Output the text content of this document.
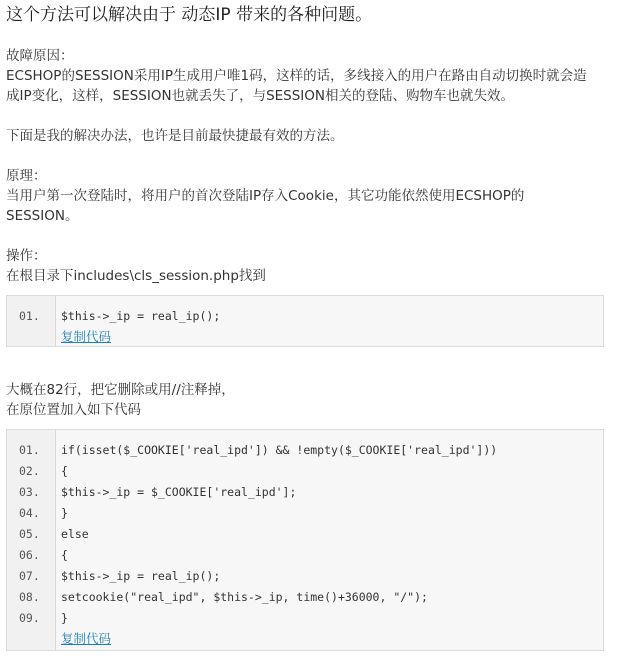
这个方法可以解决由于 动态IP 带来的各种问题。
故障原因：
ECSHOP的SESSION采用IP生成用户唯1码，这样的话，多线接入的用户在路由自动切换时就会造
成IP变化，这样，SESSION也就丢失了，与SESSION相关的登陆、购物车也就失效。
下面是我的解决办法，也许是目前最快捷最有效的方法。
原理：
当用户第一次登陆时，将用户的首次登陆IP存入Cookie，其它功能依然使用ECSHOP的
SESSION。
操作：
在根目录下includes\cls_session.php找到
01.	$this->_ip = real_ip();
复制代码
大概在82行，把它删除或用//注释掉，
在原位置加入如下代码
01.	if(isset($_COOKIE['real_ipd']) && !empty($_COOKIE['real_ipd']))
02.	{
03.	$this->_ip = $_COOKIE['real_ipd'];
04.	}
05.	else
06.	{
07.	$this->_ip = real_ip();
08.	setcookie("real_ipd", $this->_ip, time()+36000, "/");
09.	}
复制代码
